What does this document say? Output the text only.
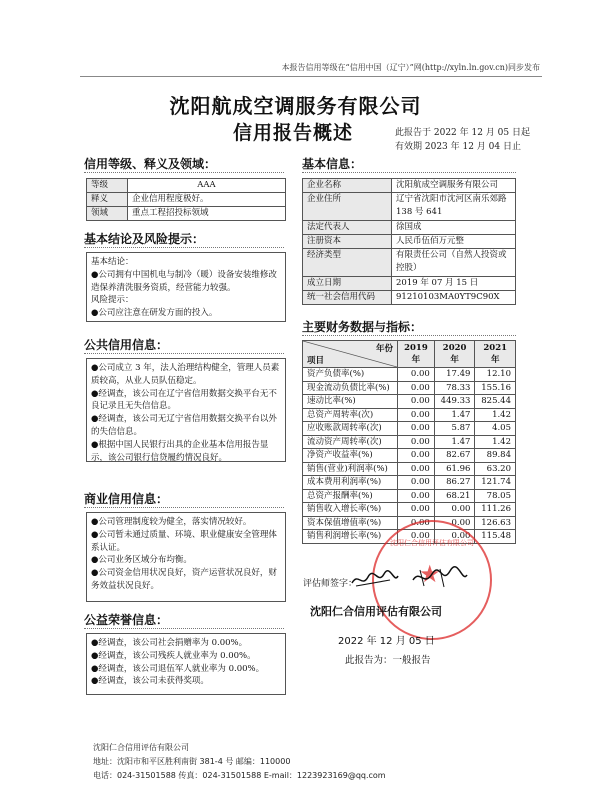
本报告信用等级在“信用中国（辽宁）”网(http://xyln.ln.gov.cn)同步发布
沈阳航成空调服务有限公司
信用报告概述	此报告于 2022 年 12 月 05 日起
有效期 2023 年 12 月 04 日止
信用等级、释义及领域：
等级	AAA
释义	企业信用程度极好。
领域	重点工程招投标领域
基本结论及风险提示：
基本结论：
●公司拥有中国机电与制冷（暖）设备安装维修改造保养清洗服务资质，经营能力较强。
风险提示：
●公司应注意在研发方面的投入。
公共信用信息：
●公司成立 3 年，法人治理结构健全，管理人员素质较高，从业人员队伍稳定。
●经调查，该公司在辽宁省信用数据交换平台无不良记录且无失信信息。
●经调查，该公司无辽宁省信用数据交换平台以外的失信信息。
●根据中国人民银行出具的企业基本信用报告显示，该公司银行信贷履约情况良好。
商业信用信息：
●公司管理制度较为健全，落实情况较好。
●公司暂未通过质量、环境、职业健康安全管理体系认证。
●公司业务区域分布均衡。
●公司资金信用状况良好，资产运营状况良好，财务效益状况良好。
公益荣誉信息：
●经调查，该公司社会捐赠率为 0.00%。
●经调查，该公司残疾人就业率为 0.00%。
●经调查，该公司退伍军人就业率为 0.00%。
●经调查，该公司未获得奖项。
基本信息：
企业名称	沈阳航成空调服务有限公司
企业住所	辽宁省沈阳市沈河区南乐郊路 138 号 641
法定代表人	徐国成
注册资本	人民币伍佰万元整
经济类型	有限责任公司（自然人投资或控股）
成立日期	2019 年 07 月 15 日
统一社会信用代码	91210103MA0YT9C90X
主要财务数据与指标：
年份
项目	2019 年	2020 年	2021 年
资产负债率(%)	0.00	17.49	12.10
现金流动负债比率(%)	0.00	78.33	155.16
速动比率(%)	0.00	449.33	825.44
总资产周转率(次)	0.00	1.47	1.42
应收账款周转率(次)	0.00	5.87	4.05
流动资产周转率(次)	0.00	1.47	1.42
净资产收益率(%)	0.00	82.67	89.84
销售(营业)利润率(%)	0.00	61.96	63.20
成本费用利润率(%)	0.00	86.27	121.74
总资产报酬率(%)	0.00	68.21	78.05
销售收入增长率(%)	0.00	0.00	111.26
资本保值增值率(%)	0.00	0.00	126.63
销售利润增长率(%)	0.00	0.00	115.48
★
沈阳仁合信用评估有限公司
评估师签字：
沈阳仁合信用评估有限公司
2022 年 12 月 05 日
此报告为：一般报告
沈阳仁合信用评估有限公司
地址：沈阳市和平区胜利南街 381-4 号 邮编：110000
电话：024-31501588 传真：024-31501588 E-mail：1223923169@qq.com
